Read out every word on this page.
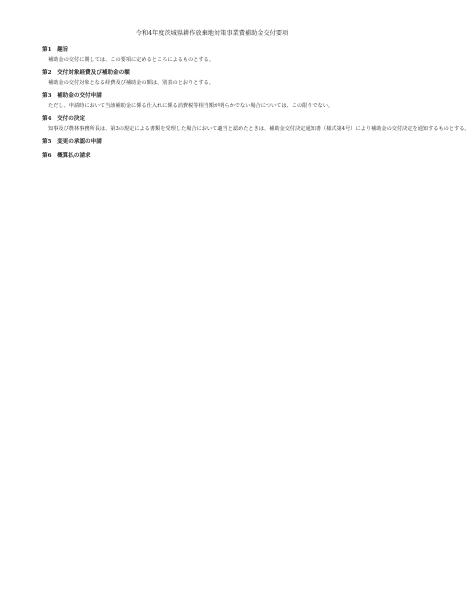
令和4年度茨城県耕作放棄地対策事業費補助金交付要項
第1　趣旨
補助金の交付に関しては、この要項に定めるところによるものとする。
第2　交付対象経費及び補助金の額
補助金の交付対象となる経費及び補助金の額は、別表のとおりとする。
第3　補助金の交付申請
ただし、申請時において当該補助金に係る仕入れに係る消費税等相当額が明らかでない場合については、この限りでない。
第4　交付の決定
知事及び農林事務所長は、第3の規定による書類を受理した場合において適当と認めたときは、補助金交付決定通知書（様式第4号）により補助金の交付決定を通知するものとする。
第5　変更の承認の申請
第6　概算払の請求
